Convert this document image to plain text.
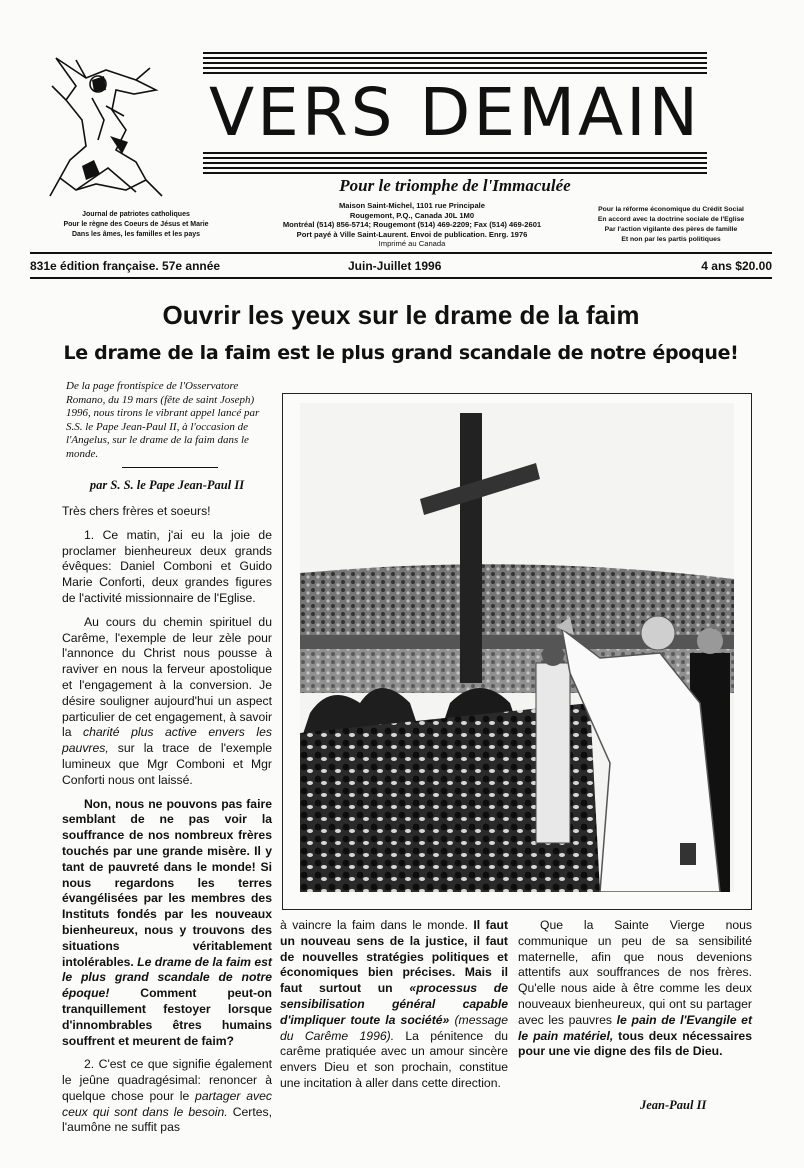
VERS DEMAIN
Pour le triomphe de l'Immaculée
Journal de patriotes catholiques
Pour le règne des Coeurs de Jésus et Marie
Dans les âmes, les familles et les pays
Maison Saint-Michel, 1101 rue Principale
Rougemont, P.Q., Canada J0L 1M0
Montréal (514) 856-5714; Rougemont (514) 469-2209; Fax (514) 469-2601
Port payé à Ville Saint-Laurent. Envoi de publication. Enrg. 1976
Imprimé au Canada
Pour la réforme économique du Crédit Social
En accord avec la doctrine sociale de l'Eglise
Par l'action vigilante des pères de famille
Et non par les partis politiques
831e édition française. 57e année	Juin-Juillet 1996	4 ans $20.00
Ouvrir les yeux sur le drame de la faim
Le drame de la faim est le plus grand scandale de notre époque!

De la page frontispice de l'Osservatore Romano, du 19 mars (fête de saint Joseph) 1996, nous tirons le vibrant appel lancé par S.S. le Pape Jean-Paul II, à l'occasion de l'Angelus, sur le drame de la faim dans le monde.

par S. S. le Pape Jean-Paul II

Très chers frères et soeurs!

1. Ce matin, j'ai eu la joie de proclamer bienheureux deux grands évêques: Daniel Comboni et Guido Marie Conforti, deux grandes figures de l'activité missionnaire de l'Eglise.

Au cours du chemin spirituel du Carême, l'exemple de leur zèle pour l'annonce du Christ nous pousse à raviver en nous la ferveur apostolique et l'engagement à la conversion. Je désire souligner aujourd'hui un aspect particulier de cet engagement, à savoir la charité plus active envers les pauvres, sur la trace de l'exemple lumineux que Mgr Comboni et Mgr Conforti nous ont laissé.

Non, nous ne pouvons pas faire semblant de ne pas voir la souffrance de nos nombreux frères touchés par une grande misère. Il y tant de pauvreté dans le monde! Si nous regardons les terres évangélisées par les membres des Instituts fondés par les nouveaux bienheureux, nous y trouvons des situations véritablement intolérables. Le drame de la faim est le plus grand scandale de notre époque! Comment peut-on tranquillement festoyer lorsque d'innombrables êtres humains souffrent et meurent de faim?

2. C'est ce que signifie également le jeûne quadragésimal: renoncer à quelque chose pour le partager avec ceux qui sont dans le besoin. Certes, l'aumône ne suffit pas

à vaincre la faim dans le monde. Il faut un nouveau sens de la justice, il faut de nouvelles stratégies politiques et économiques bien précises. Mais il faut surtout un «processus de sensibilisation général capable d'impliquer toute la société» (message du Carême 1996). La pénitence du carême pratiquée avec un amour sincère envers Dieu et son prochain, constitue une incitation à aller dans cette direction.

Que la Sainte Vierge nous communique un peu de sa sensibilité maternelle, afin que nous devenions attentifs aux souffrances de nos frères. Qu'elle nous aide à être comme les deux nouveaux bienheureux, qui ont su partager avec les pauvres le pain de l'Evangile et le pain matériel, tous deux nécessaires pour une vie digne des fils de Dieu.

Jean-Paul II
